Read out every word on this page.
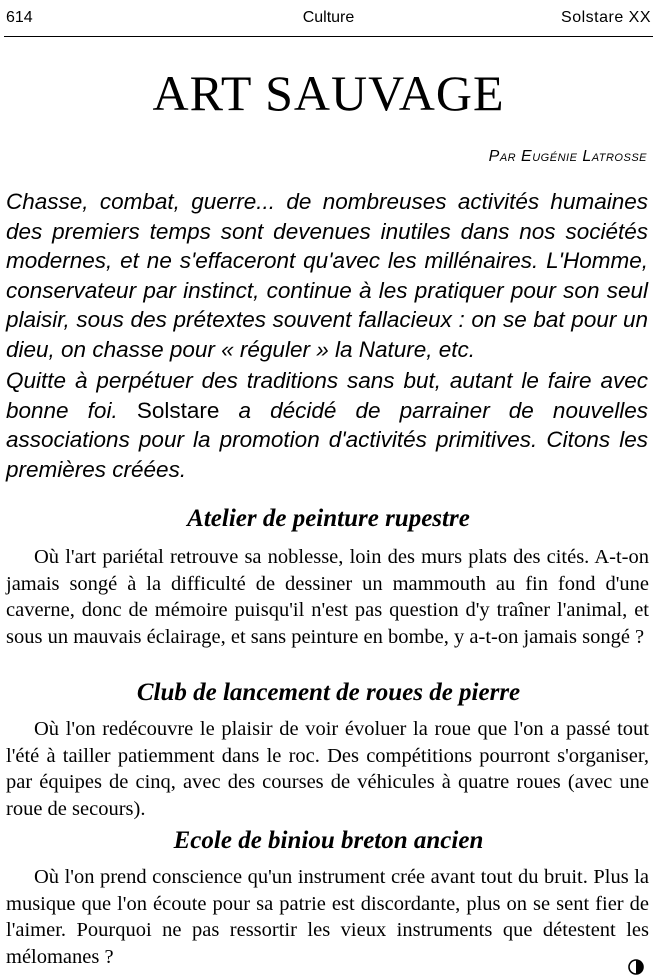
614	Culture	Solstare XX
ART SAUVAGE
Par Eugénie Latrosse

Chasse, combat, guerre... de nombreuses activités humaines des premiers temps sont devenues inutiles dans nos sociétés modernes, et ne s'effaceront qu'avec les millénaires. L'Homme, conservateur par instinct, continue à les pratiquer pour son seul plaisir, sous des prétextes souvent fallacieux : on se bat pour un dieu, on chasse pour « réguler » la Nature, etc.

Quitte à perpétuer des traditions sans but, autant le faire avec bonne foi. Solstare a décidé de parrainer de nouvelles associations pour la promotion d'activités primitives. Citons les premières créées.

Atelier de peinture rupestre

Où l'art pariétal retrouve sa noblesse, loin des murs plats des cités. A-t-on jamais songé à la difficulté de dessiner un mammouth au fin fond d'une caverne, donc de mémoire puisqu'il n'est pas question d'y traîner l'animal, et sous un mauvais éclairage, et sans peinture en bombe, y a-t-on jamais songé ?

Club de lancement de roues de pierre

Où l'on redécouvre le plaisir de voir évoluer la roue que l'on a passé tout l'été à tailler patiemment dans le roc. Des compétitions pourront s'organiser, par équipes de cinq, avec des courses de véhicules à quatre roues (avec une roue de secours).

Ecole de biniou breton ancien

Où l'on prend conscience qu'un instrument crée avant tout du bruit. Plus la musique que l'on écoute pour sa patrie est discordante, plus on se sent fier de l'aimer. Pourquoi ne pas ressortir les vieux instruments que détestent les mélomanes ?
